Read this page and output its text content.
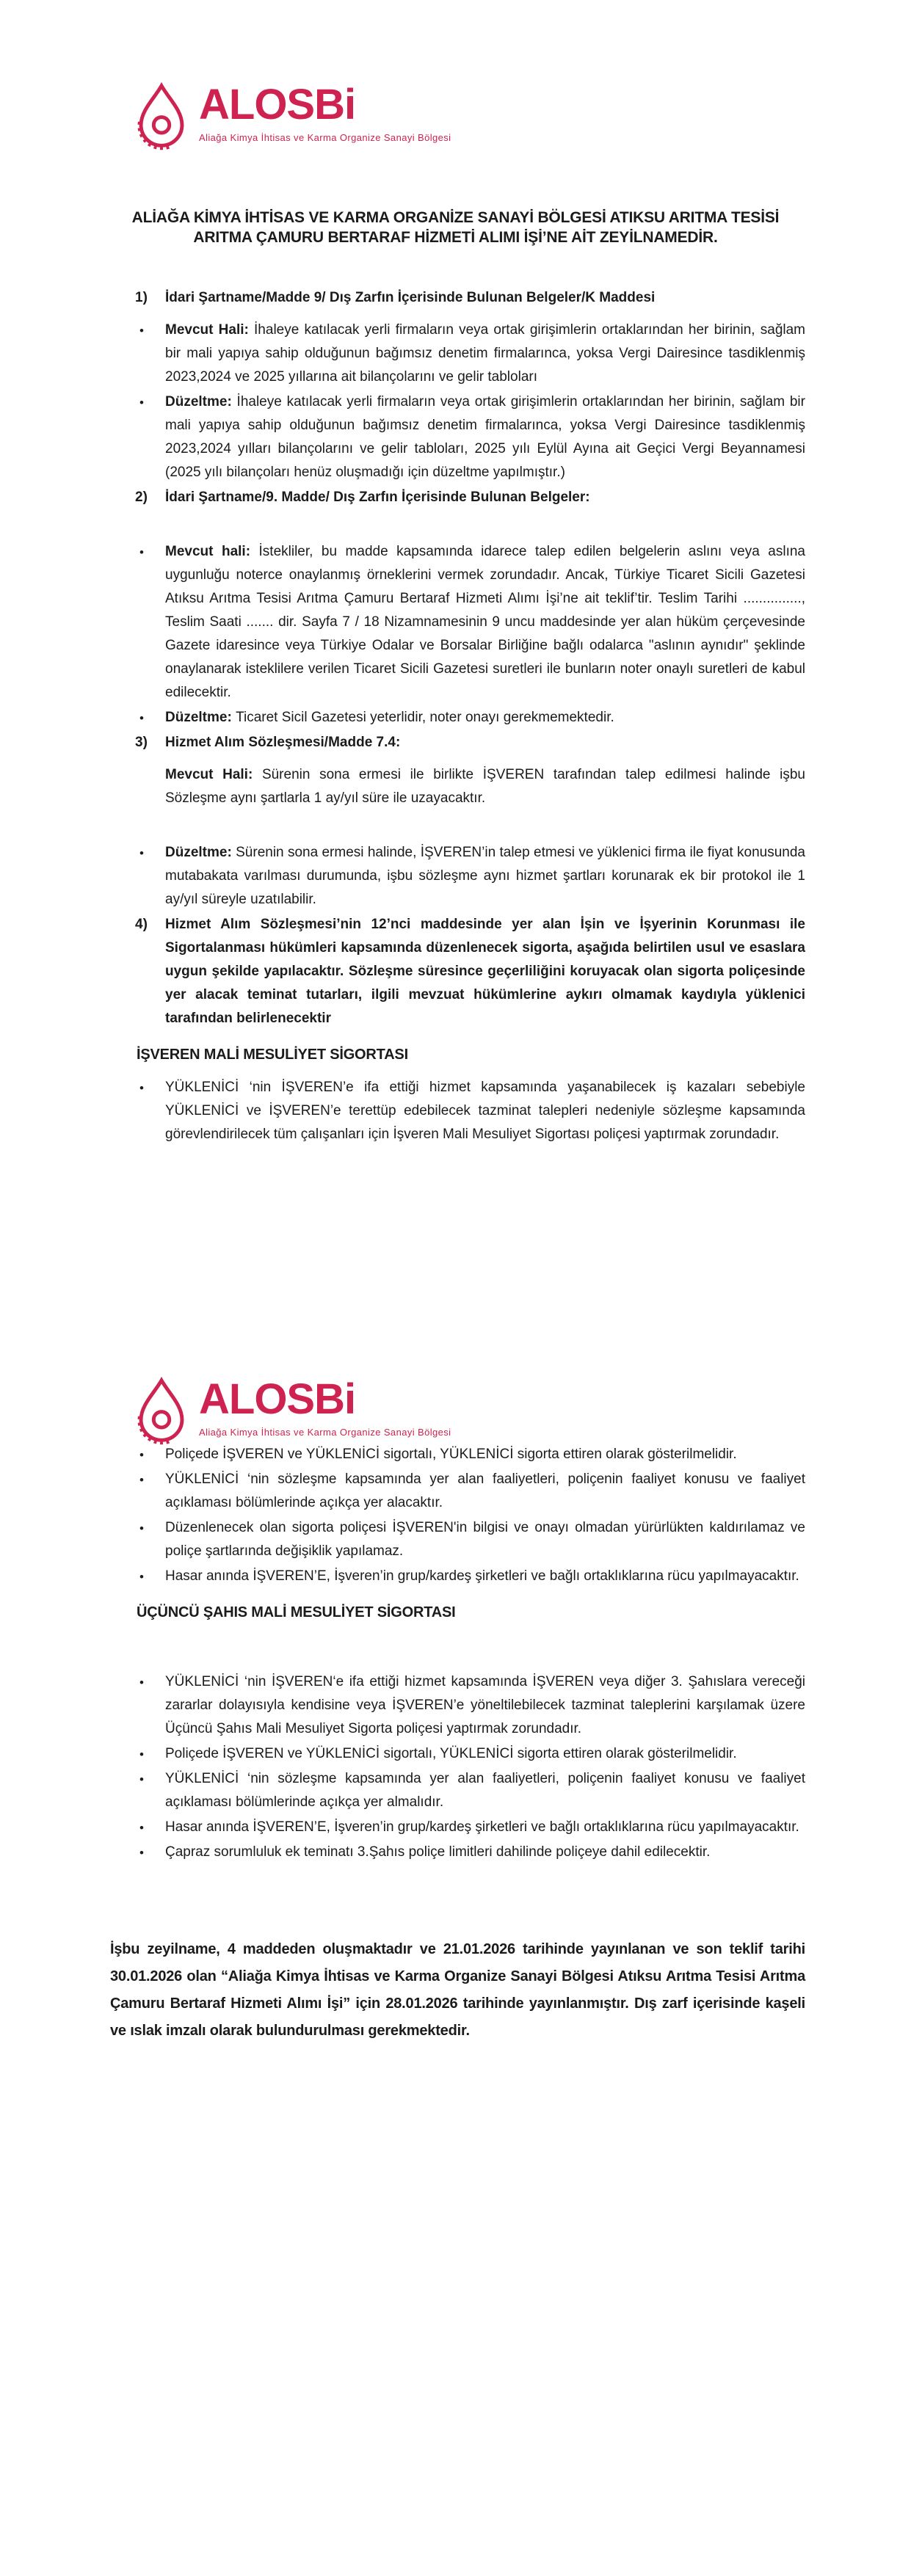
ALOSBi
Aliağa Kimya İhtisas ve Karma Organize Sanayi Bölgesi
ALİAĞA KİMYA İHTİSAS VE KARMA ORGANİZE SANAYİ BÖLGESİ ATIKSU ARITMA TESİSİ
ARITMA ÇAMURU BERTARAF HİZMETİ ALIMI İŞİ’NE AİT ZEYİLNAMEDİR.
1) İdari Şartname/Madde 9/ Dış Zarfın İçerisinde Bulunan Belgeler/K Maddesi

• Mevcut Hali: İhaleye katılacak yerli firmaların veya ortak girişimlerin ortaklarından her birinin, sağlam bir mali yapıya sahip olduğunun bağımsız denetim firmalarınca, yoksa Vergi Dairesince tasdiklenmiş 2023,2024 ve 2025 yıllarına ait bilançolarını ve gelir tabloları

• Düzeltme: İhaleye katılacak yerli firmaların veya ortak girişimlerin ortaklarından her birinin, sağlam bir mali yapıya sahip olduğunun bağımsız denetim firmalarınca, yoksa Vergi Dairesince tasdiklenmiş 2023,2024 yılları bilançolarını ve gelir tabloları, 2025 yılı Eylül Ayına ait Geçici Vergi Beyannamesi (2025 yılı bilançoları henüz oluşmadığı için düzeltme yapılmıştır.)

2) İdari Şartname/9. Madde/ Dış Zarfın İçerisinde Bulunan Belgeler:

• Mevcut hali: İstekliler, bu madde kapsamında idarece talep edilen belgelerin aslını veya aslına uygunluğu noterce onaylanmış örneklerini vermek zorundadır. Ancak, Türkiye Ticaret Sicili Gazetesi Atıksu Arıtma Tesisi Arıtma Çamuru Bertaraf Hizmeti Alımı İşi’ne ait teklif’tir. Teslim Tarihi ..............., Teslim Saati ....... dir. Sayfa 7 / 18 Nizamnamesinin 9 uncu maddesinde yer alan hüküm çerçevesinde Gazete idaresince veya Türkiye Odalar ve Borsalar Birliğine bağlı odalarca "aslının aynıdır" şeklinde onaylanarak isteklilere verilen Ticaret Sicili Gazetesi suretleri ile bunların noter onaylı suretleri de kabul edilecektir.

• Düzeltme: Ticaret Sicil Gazetesi yeterlidir, noter onayı gerekmemektedir.

3) Hizmet Alım Sözleşmesi/Madde 7.4:

Mevcut Hali: Sürenin sona ermesi ile birlikte İŞVEREN tarafından talep edilmesi halinde işbu Sözleşme aynı şartlarla 1 ay/yıl süre ile uzayacaktır.

• Düzeltme: Sürenin sona ermesi halinde, İŞVEREN’in talep etmesi ve yüklenici firma ile fiyat konusunda mutabakata varılması durumunda, işbu sözleşme aynı hizmet şartları korunarak ek bir protokol ile 1 ay/yıl süreyle uzatılabilir.

4) Hizmet Alım Sözleşmesi’nin 12’nci maddesinde yer alan İşin ve İşyerinin Korunması ile Sigortalanması hükümleri kapsamında düzenlenecek sigorta, aşağıda belirtilen usul ve esaslara uygun şekilde yapılacaktır. Sözleşme süresince geçerliliğini koruyacak olan sigorta poliçesinde yer alacak teminat tutarları, ilgili mevzuat hükümlerine aykırı olmamak kaydıyla yüklenici tarafından belirlenecektir

İŞVEREN MALİ MESULİYET SİGORTASI
• YÜKLENİCİ ‘nin İŞVEREN’e ifa ettiği hizmet kapsamında yaşanabilecek iş kazaları sebebiyle YÜKLENİCİ ve İŞVEREN’e terettüp edebilecek tazminat talepleri nedeniyle sözleşme kapsamında görevlendirilecek tüm çalışanları için İşveren Mali Mesuliyet Sigortası poliçesi yaptırmak zorundadır.

ALOSBi
Aliağa Kimya İhtisas ve Karma Organize Sanayi Bölgesi
• Poliçede İŞVEREN ve YÜKLENİCİ sigortalı, YÜKLENİCİ sigorta ettiren olarak gösterilmelidir.

• YÜKLENİCİ ‘nin sözleşme kapsamında yer alan faaliyetleri, poliçenin faaliyet konusu ve faaliyet açıklaması bölümlerinde açıkça yer alacaktır.

• Düzenlenecek olan sigorta poliçesi İŞVEREN'in bilgisi ve onayı olmadan yürürlükten kaldırılamaz ve poliçe şartlarında değişiklik yapılamaz.

• Hasar anında İŞVEREN’E, İşveren’in grup/kardeş şirketleri ve bağlı ortaklıklarına rücu yapılmayacaktır.

ÜÇÜNCÜ ŞAHIS MALİ MESULİYET SİGORTASI
• YÜKLENİCİ ‘nin İŞVEREN‘e ifa ettiği hizmet kapsamında İŞVEREN veya diğer 3. Şahıslara vereceği zararlar dolayısıyla kendisine veya İŞVEREN’e yöneltilebilecek tazminat taleplerini karşılamak üzere Üçüncü Şahıs Mali Mesuliyet Sigorta poliçesi yaptırmak zorundadır.

• Poliçede İŞVEREN ve YÜKLENİCİ sigortalı, YÜKLENİCİ sigorta ettiren olarak gösterilmelidir.

• YÜKLENİCİ ‘nin sözleşme kapsamında yer alan faaliyetleri, poliçenin faaliyet konusu ve faaliyet açıklaması bölümlerinde açıkça yer almalıdır.

• Hasar anında İŞVEREN’E, İşveren’in grup/kardeş şirketleri ve bağlı ortaklıklarına rücu yapılmayacaktır.

• Çapraz sorumluluk ek teminatı 3.Şahıs poliçe limitleri dahilinde poliçeye dahil edilecektir.

İşbu zeyilname, 4 maddeden oluşmaktadır ve 21.01.2026 tarihinde yayınlanan ve son teklif tarihi 30.01.2026 olan “Aliağa Kimya İhtisas ve Karma Organize Sanayi Bölgesi Atıksu Arıtma Tesisi Arıtma Çamuru Bertaraf Hizmeti Alımı İşi” için 28.01.2026 tarihinde yayınlanmıştır. Dış zarf içerisinde kaşeli ve ıslak imzalı olarak bulundurulması gerekmektedir.
